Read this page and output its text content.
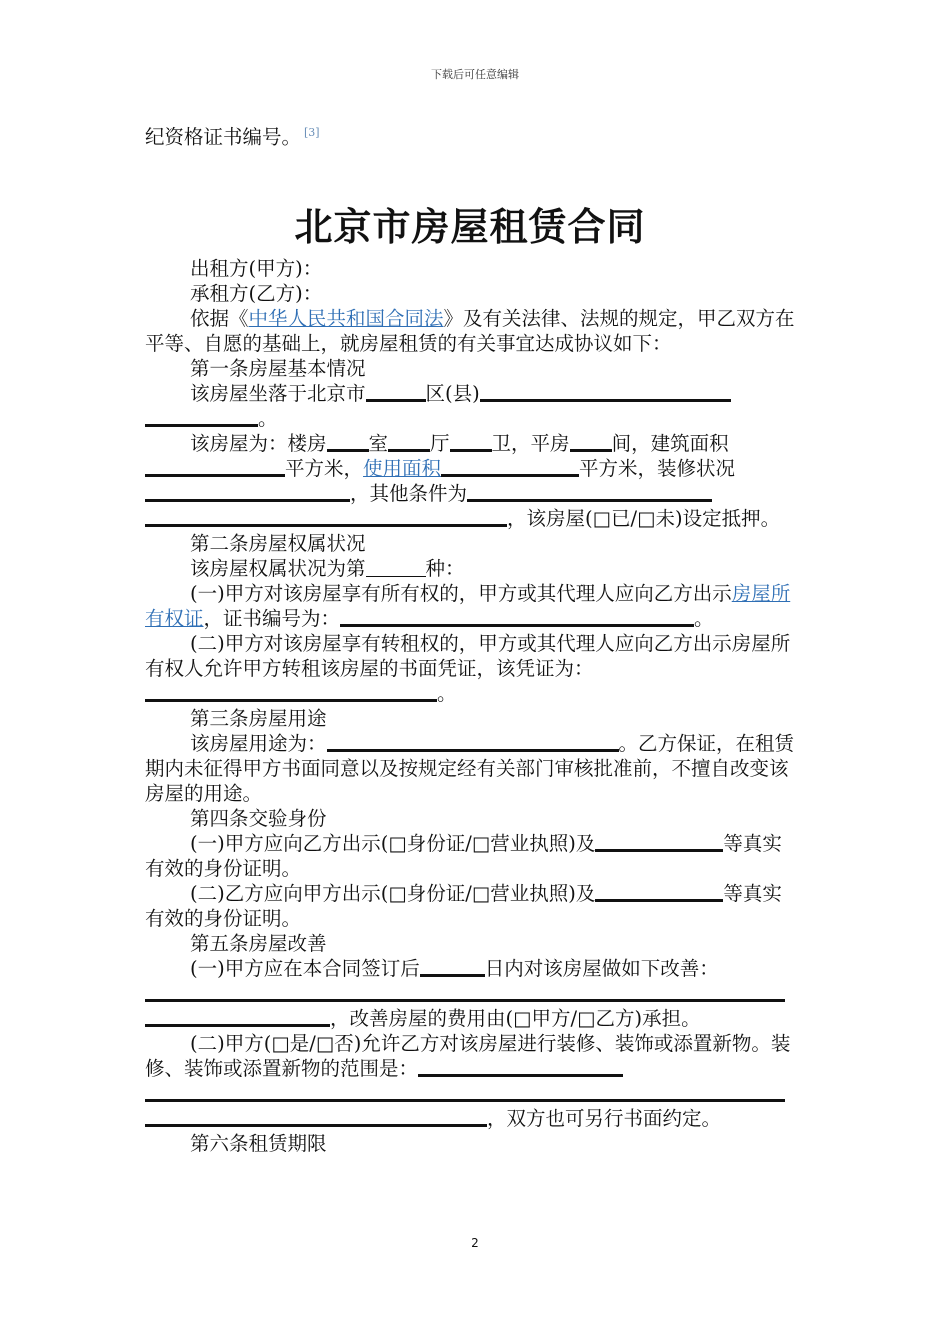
下载后可任意编辑

纪资格证书编号。 [3]

北京市房屋租赁合同

出租方(甲方)：

承租方(乙方)：

依据《中华人民共和国合同法》及有关法律、法规的规定，甲乙双方在平等、自愿的基础上，就房屋租赁的有关事宜达成协议如下：

第一条房屋基本情况

该房屋坐落于北京市	区(县)。

该房屋为：楼房 室 厅 卫，平房 间，建筑面积平方米，使用面积	平方米，装修状况，其他条件为，该房屋(□已/□未)设定抵押。

第二条房屋权属状况

该房屋权属状况为第	种：

(一)甲方对该房屋享有所有权的，甲方或其代理人应向乙方出示房屋所有权证，证书编号为：	。

(二)甲方对该房屋享有转租权的，甲方或其代理人应向乙方出示房屋所有权人允许甲方转租该房屋的书面凭证，该凭证为：。

第三条房屋用途

该房屋用途为：	。乙方保证，在租赁期内未征得甲方书面同意以及按规定经有关部门审核批准前，不擅自改变该房屋的用途。

第四条交验身份

(一)甲方应向乙方出示(□身份证/□营业执照)及	等真实有效的身份证明。

(二)乙方应向甲方出示(□身份证/□营业执照)及	等真实有效的身份证明。

第五条房屋改善

(一)甲方应在本合同签订后	日内对该房屋做如下改善：，改善房屋的费用由(□甲方/□乙方)承担。

(二)甲方(□是/□否)允许乙方对该房屋进行装修、装饰或添置新物。装修、装饰或添置新物的范围是：，双方也可另行书面约定。

第六条租赁期限

2
